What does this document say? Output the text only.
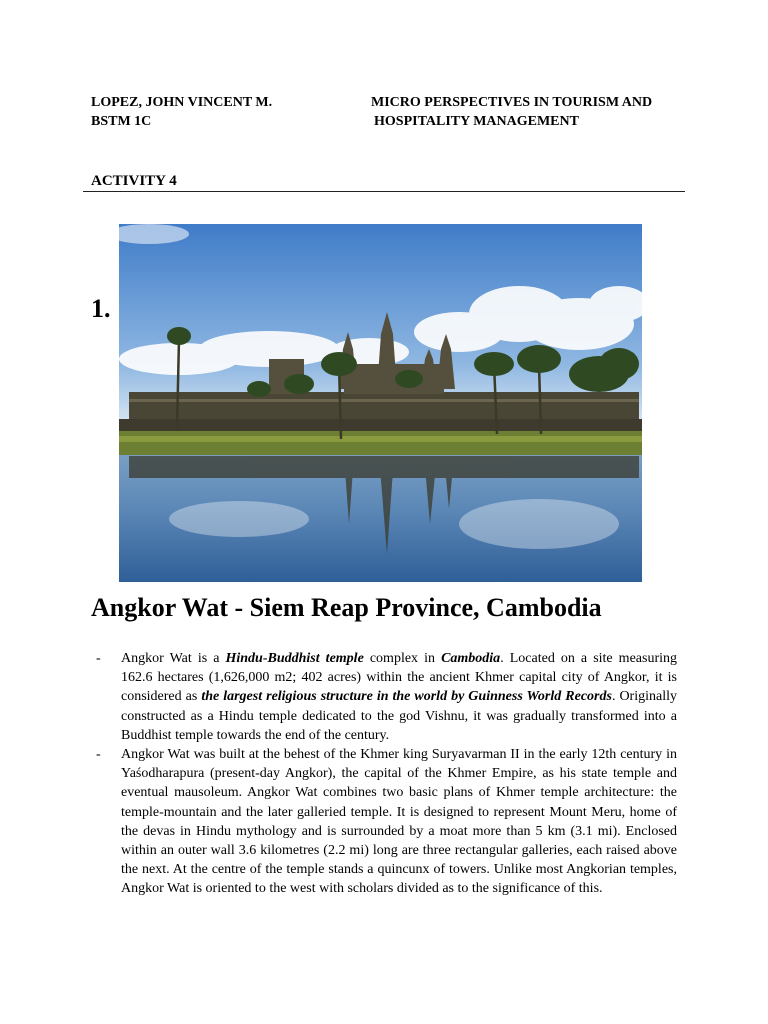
LOPEZ, JOHN VINCENT M.
BSTM 1C
MICRO PERSPECTIVES IN TOURISM AND
HOSPITALITY MANAGEMENT
ACTIVITY 4
1.
Angkor Wat - Siem Reap Province, Cambodia
- Angkor Wat is a Hindu-Buddhist temple complex in Cambodia. Located on a site measuring 162.6 hectares (1,626,000 m2; 402 acres) within the ancient Khmer capital city of Angkor, it is considered as the largest religious structure in the world by Guinness World Records. Originally constructed as a Hindu temple dedicated to the god Vishnu, it was gradually transformed into a Buddhist temple towards the end of the century.
- Angkor Wat was built at the behest of the Khmer king Suryavarman II in the early 12th century in Yaśodharapura (present-day Angkor), the capital of the Khmer Empire, as his state temple and eventual mausoleum. Angkor Wat combines two basic plans of Khmer temple architecture: the temple-mountain and the later galleried temple. It is designed to represent Mount Meru, home of the devas in Hindu mythology and is surrounded by a moat more than 5 km (3.1 mi). Enclosed within an outer wall 3.6 kilometres (2.2 mi) long are three rectangular galleries, each raised above the next. At the centre of the temple stands a quincunx of towers. Unlike most Angkorian temples, Angkor Wat is oriented to the west with scholars divided as to the significance of this.
